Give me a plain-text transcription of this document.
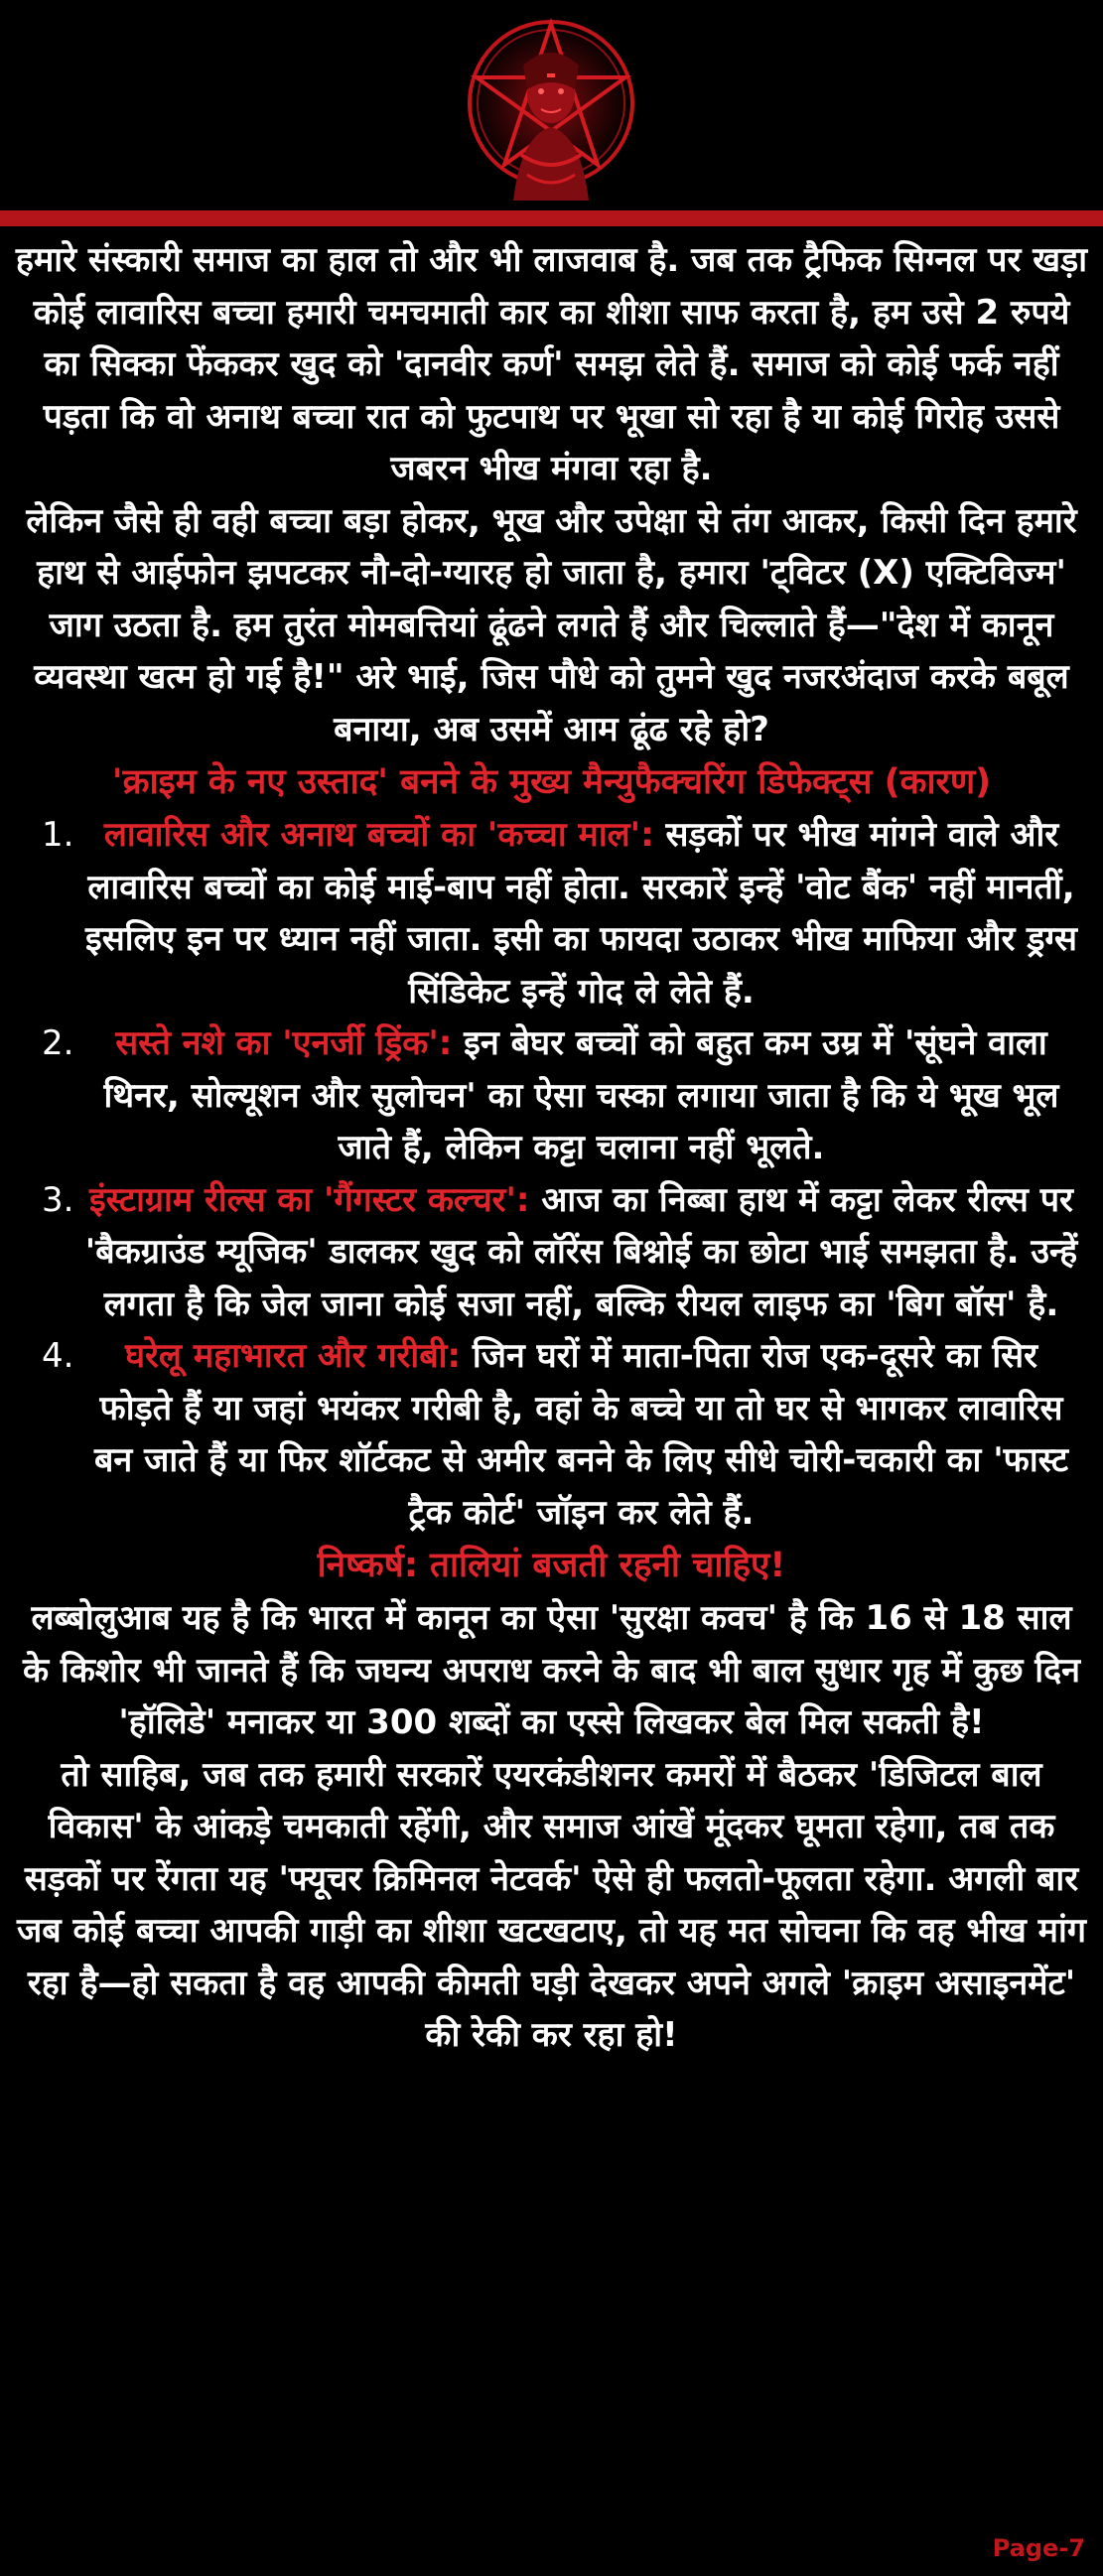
हमारे संस्कारी समाज का हाल तो और भी लाजवाब है. जब तक ट्रैफिक सिग्नल पर खड़ा कोई लावारिस बच्चा हमारी चमचमाती कार का शीशा साफ करता है, हम उसे 2 रुपये का सिक्का फेंककर खुद को 'दानवीर कर्ण' समझ लेते हैं. समाज को कोई फर्क नहीं पड़ता कि वो अनाथ बच्चा रात को फुटपाथ पर भूखा सो रहा है या कोई गिरोह उससे जबरन भीख मंगवा रहा है.

लेकिन जैसे ही वही बच्चा बड़ा होकर, भूख और उपेक्षा से तंग आकर, किसी दिन हमारे हाथ से आईफोन झपटकर नौ-दो-ग्यारह हो जाता है, हमारा 'ट्विटर (X) एक्टिविज्म' जाग उठता है. हम तुरंत मोमबत्तियां ढूंढने लगते हैं और चिल्लाते हैं—"देश में कानून व्यवस्था खत्म हो गई है!" अरे भाई, जिस पौधे को तुमने खुद नजरअंदाज करके बबूल बनाया, अब उसमें आम ढूंढ रहे हो?

'क्राइम के नए उस्ताद' बनने के मुख्य मैन्युफैक्चरिंग डिफेक्ट्स (कारण)
1. लावारिस और अनाथ बच्चों का 'कच्चा माल': सड़कों पर भीख मांगने वाले और लावारिस बच्चों का कोई माई-बाप नहीं होता. सरकारें इन्हें 'वोट बैंक' नहीं मानतीं, इसलिए इन पर ध्यान नहीं जाता. इसी का फायदा उठाकर भीख माफिया और ड्रग्स सिंडिकेट इन्हें गोद ले लेते हैं.
2. सस्ते नशे का 'एनर्जी ड्रिंक': इन बेघर बच्चों को बहुत कम उम्र में 'सूंघने वाला थिनर, सोल्यूशन और सुलोचन' का ऐसा चस्का लगाया जाता है कि ये भूख भूल जाते हैं, लेकिन कट्टा चलाना नहीं भूलते.
3. इंस्टाग्राम रील्स का 'गैंगस्टर कल्चर': आज का निब्बा हाथ में कट्टा लेकर रील्स पर 'बैकग्राउंड म्यूजिक' डालकर खुद को लॉरेंस बिश्नोई का छोटा भाई समझता है. उन्हें लगता है कि जेल जाना कोई सजा नहीं, बल्कि रीयल लाइफ का 'बिग बॉस' है.
4. घरेलू महाभारत और गरीबी: जिन घरों में माता-पिता रोज एक-दूसरे का सिर फोड़ते हैं या जहां भयंकर गरीबी है, वहां के बच्चे या तो घर से भागकर लावारिस बन जाते हैं या फिर शॉर्टकट से अमीर बनने के लिए सीधे चोरी-चकारी का 'फास्ट ट्रैक कोर्ट' जॉइन कर लेते हैं.
निष्कर्ष: तालियां बजती रहनी चाहिए!

लब्बोलुआब यह है कि भारत में कानून का ऐसा 'सुरक्षा कवच' है कि 16 से 18 साल के किशोर भी जानते हैं कि जघन्य अपराध करने के बाद भी बाल सुधार गृह में कुछ दिन 'हॉलिडे' मनाकर या 300 शब्दों का एस्से लिखकर बेल मिल सकती है!

तो साहिब, जब तक हमारी सरकारें एयरकंडीशनर कमरों में बैठकर 'डिजिटल बाल विकास' के आंकड़े चमकाती रहेंगी, और समाज आंखें मूंदकर घूमता रहेगा, तब तक सड़कों पर रेंगता यह 'फ्यूचर क्रिमिनल नेटवर्क' ऐसे ही फलतो-फूलता रहेगा. अगली बार जब कोई बच्चा आपकी गाड़ी का शीशा खटखटाए, तो यह मत सोचना कि वह भीख मांग रहा है—हो सकता है वह आपकी कीमती घड़ी देखकर अपने अगले 'क्राइम असाइनमेंट' की रेकी कर रहा हो!

Page-7
